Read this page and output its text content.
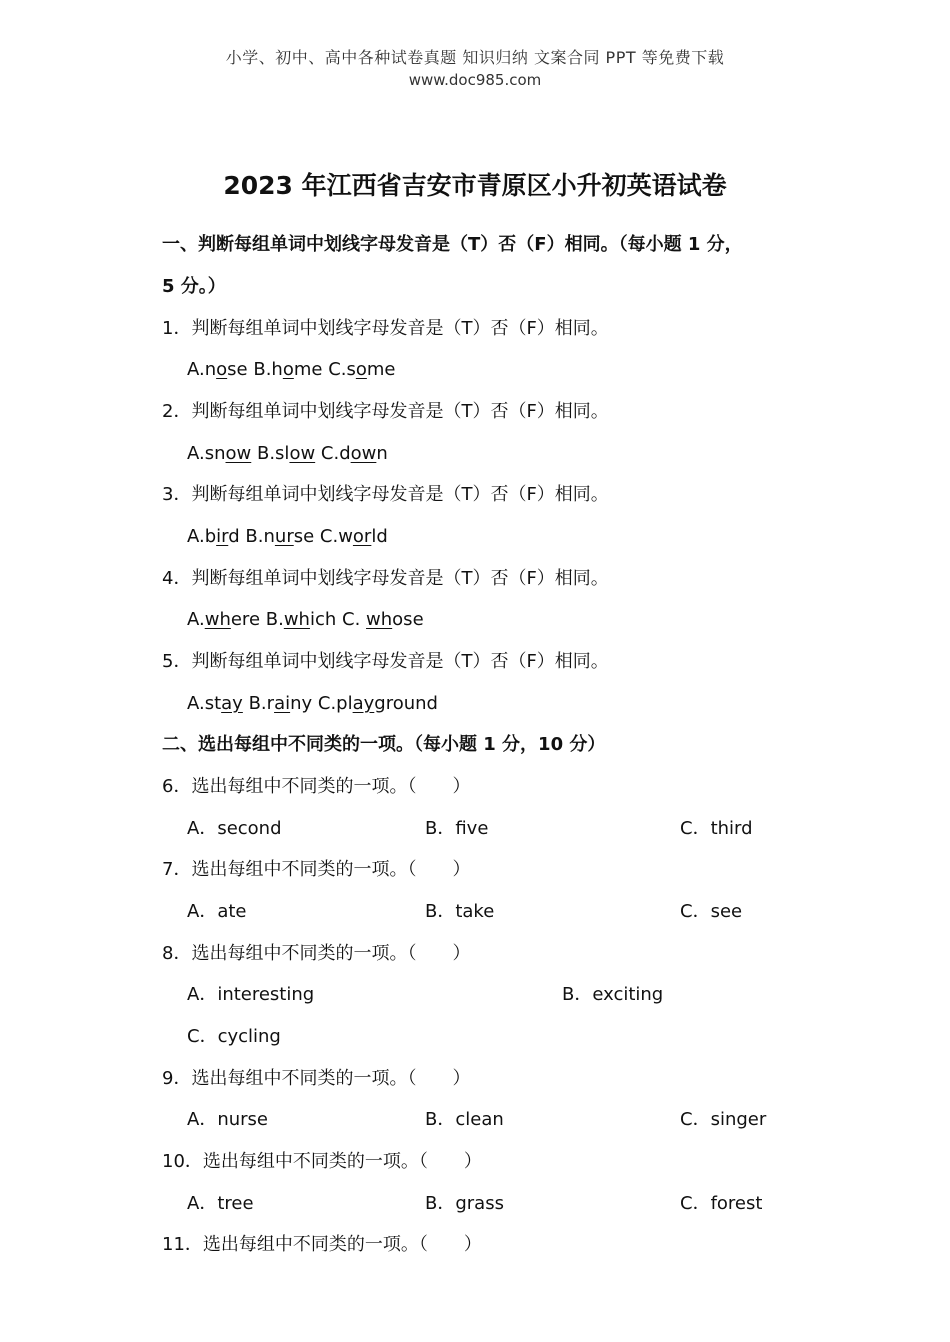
小学、初中、高中各种试卷真题 知识归纳 文案合同 PPT 等免费下载
www.doc985.com
2023 年江西省吉安市青原区小升初英语试卷
一、判断每组单词中划线字母发音是（T）否（F）相同。（每小题 1 分，
5 分。）
1．判断每组单词中划线字母发音是（T）否（F）相同。
A.nose B.home C.some
2．判断每组单词中划线字母发音是（T）否（F）相同。
A.snow B.slow C.down
3．判断每组单词中划线字母发音是（T）否（F）相同。
A.bird B.nurse C.world
4．判断每组单词中划线字母发音是（T）否（F）相同。
A.where B.which C. whose
5．判断每组单词中划线字母发音是（T）否（F）相同。
A.stay B.rainy C.playground
二、选出每组中不同类的一项。（每小题 1 分，10 分）
6．选出每组中不同类的一项。（　　）
A．second	B．five	C．third
7．选出每组中不同类的一项。（　　）
A．ate	B．take	C．see
8．选出每组中不同类的一项。（　　）
A．interesting	B．exciting
C．cycling
9．选出每组中不同类的一项。（　　）
A．nurse	B．clean	C．singer
10．选出每组中不同类的一项。（　　）
A．tree	B．grass	C．forest
11．选出每组中不同类的一项。（　　）
